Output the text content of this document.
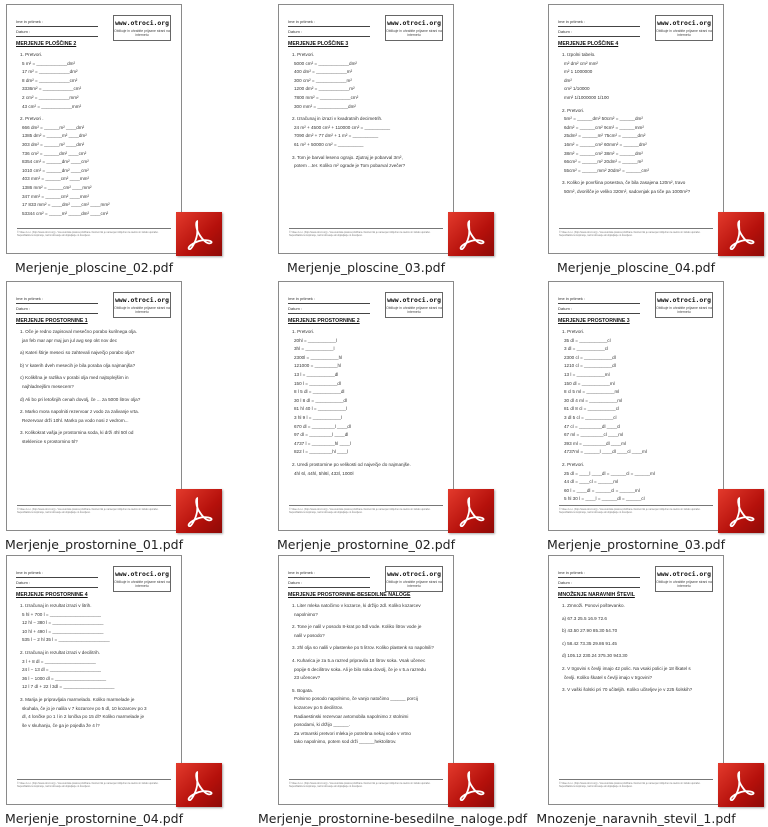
Ime in priimek :
Datum :
www.otroci.org
Oblikuje in uhrabite prijazne strani na internetu
MERJENJE PLOŠČINE 2
1. Pretvori.
5 m² = ____________dm²
17 m² = ____________dm²
8 dm² = ____________cm²
3336m² = ____________cm²
2 cm² = ____________mm²
43 cm² = ____________mm²
2. Pretvori .
666 dm² = ______m² ____dm²
1385 dm² = ______m² ____dm²
303 dm² = ______m² ____dm²
736 cm² = ______dm² ____cm²
8354 cm² = ______dm² ____cm²
1010 cm² = ______dm² ____cm²
403 mm² = ______cm² ____mm²
1386 mm² = ______cm² ____mm²
347 mm² = ______cm² ____mm²
17 833 mm² = ____dm² ____cm² ____mm²
53344 cm² = _____m² _____dm² ____cm²
© Vitae d.o.o. (http://www.otroci.org) - Vsa avtorska pravica pridržana. Delovni list je namenjen izključno za osebno in šolsko uporabo. Nepooblaščeno kopiranje, razmnoževanje ali objavljanje ni dovoljeno.
Merjenje_ploscine_02.pdf
Ime in priimek :
Datum :
www.otroci.org
Oblikuje in uhrabite prijazne strani na internetu
MERJENJE PLOŠČINE 3
1. Pretvori.
5000 cm² = ____________dm²
400 dm² = ____________m²
300 cm² = ____________m²
1200 dm² = ____________m²
7800 mm² = ____________cm²
300 mm² = ____________dm²
2. Izračunaj in izrazi v kvadratnih decimetrih.
24 m² + 4500 cm² + 110000 cm² = __________
7090 dm² + 77 dm² + 1 m² = __________
61 m² + 50000 cm² = __________
3. Tom je barval leseno ograjo. Zjutraj je pobarval 3m²,
potem ...ter. Koliko m² ograde je Tom pobarval zvečer?
© Vitae d.o.o. (http://www.otroci.org) - Vsa avtorska pravica pridržana. Delovni list je namenjen izključno za osebno in šolsko uporabo. Nepooblaščeno kopiranje, razmnoževanje ali objavljanje ni dovoljeno.
Merjenje_ploscine_03.pdf
Ime in priimek :
Datum :
www.otroci.org
Oblikuje in uhrabite prijazne strani na internetu
MERJENJE PLOŠČINE 4
1. Izpolni tabelo.
m² dm² cm² mm²
m² 1 1000000
dm²
cm² 1/10000
mm² 1/1000000 1/100
2. Pretvori.
5m² = ______dm² 50cm² = ______dm²
6dm² = ______cm² 9cm² = ______mm²
25dm² = ______m² 75cm² = ______dm²
16m² = ______cm² 60mm² = ______dm²
38m² = ______cm² 38m² = ______dm²
66cm² = ______m² 20dm² = ______m²
55cm² = ______mm² 20dm² = ______cm²
3. Koliko je površina posestva, če bila zasajena 120m², travo
50m², dvorišče je veliko 320m², sadovnjak pa tiče pa 1000m²?
© Vitae d.o.o. (http://www.otroci.org) - Vsa avtorska pravica pridržana. Delovni list je namenjen izključno za osebno in šolsko uporabo. Nepooblaščeno kopiranje, razmnoževanje ali objavljanje ni dovoljeno.
Merjenje_ploscine_04.pdf
Ime in priimek :
Datum :
www.otroci.org
Oblikuje in uhrabite prijazne strani na internetu
MERJENJE PROSTORNINE 1
1. Oče je redno zapisoval mesečno porabo kurilnega olja.
jan feb mar apr maj jun jul avg sep okt nov dec
a) Kateri štirje meseci so zahtevali največjo porabo olja?
b) V katerih dveh mesecih je bila poraba olja najmanjša?
c) Kolikšna je razlika v porabi olja med najtoplejšim in
najhladnejšim mesecem?
d) Ali bo pri letošnjih cenah dovolj, če ... za 5000 litrov olja?
2. Marko mora napolniti rezervoar z vodo za zalivanje vrta.
Rezervoar drži 10hl. Marko pa vodo nosi z vedrom...
3. Kolikokrat vašja je prostornina soda, ki drži 4hl 50l od
steklenice s prostornino 5l?
© Vitae d.o.o. (http://www.otroci.org) - Vsa avtorska pravica pridržana. Delovni list je namenjen izključno za osebno in šolsko uporabo. Nepooblaščeno kopiranje, razmnoževanje ali objavljanje ni dovoljeno.
Merjenje_prostornine_01.pdf
Ime in priimek :
Datum :
www.otroci.org
Oblikuje in uhrabite prijazne strani na internetu
MERJENJE PROSTORNINE 2
1. Pretvori.
20hl = ___________l
3hl = ___________l
2300l = ___________hl
121000 = _________hl
13 l = ___________dl
150 l = ___________dl
8 l 5 dl = ___________dl
30 l 8 dl = ___________dl
81 hl 40 l = ___________l
3 hl 9 l = ___________l
670 dl = _________l ____dl
97 dl = _________l ____dl
4737 l = _________hl ____l
822 l = _________hl ____l
2. Uredi prostornine po velikosti od največje do najmanjše.
4hl 6l, 44hl, 5hl6l, 433l, 1000l
© Vitae d.o.o. (http://www.otroci.org) - Vsa avtorska pravica pridržana. Delovni list je namenjen izključno za osebno in šolsko uporabo. Nepooblaščeno kopiranje, razmnoževanje ali objavljanje ni dovoljeno.
Merjenje_prostornine_02.pdf
Ime in priimek :
Datum :
www.otroci.org
Oblikuje in uhrabite prijazne strani na internetu
MERJENJE PROSTORNINE 3
1. Pretvori.
35 dl = ___________cl
3 dl = ___________cl
2300 cl = ___________dl
1210 cl = ___________dl
13 l = ___________ml
150 dl = ___________ml
8 cl 5 ml = ___________ml
30 dl 4 ml = ___________ml
81 dl 8 cl = ___________cl
3 dl 5 cl = ___________cl
47 cl = _________dl ____cl
67 ml = _________cl ____ml
393 ml = _________dl ____ml
4737ml = ______l ____dl ____cl ____ml
2. Pretvori.
25 dl = ____l ____dl = ______cl = ______ml
44 dl = ____cl = ______ml
60 l = ____dl = ______cl = ______ml
5 hl 30 l = ____l = ______dl = ______cl
© Vitae d.o.o. (http://www.otroci.org) - Vsa avtorska pravica pridržana. Delovni list je namenjen izključno za osebno in šolsko uporabo. Nepooblaščeno kopiranje, razmnoževanje ali objavljanje ni dovoljeno.
Merjenje_prostornine_03.pdf
Ime in priimek :
Datum :
www.otroci.org
Oblikuje in uhrabite prijazne strani na internetu
MERJENJE PROSTORNINE 4
1. Izračunaj in rezultat izrazi v litrih.
5 hl + 700 l = ____________________
12 hl − 380 l = ____________________
10 hl + 490 l = ____________________
535 l − 2 hl 35 l = ____________________
2. Izračunaj in rezultat izrazi v decilitrih.
3 l + 8 dl = ____________________
24 l − 13 dl = ____________________
36 l − 1000 dl = ____________________
12 l 7 dl + 22 l 3dl = ____________________
3. Marija je pripravljala marmelado. Koliko marmelade je
skuhala, če jo je nalila v 7 kozarcev po 5 dl, 10 kozarcev po 3
dl, 4 lončke po 1 l in 2 lončka po 15 dl? Koliko marmelade je
še v skuhanju, če ga je pojedla že 4 l?
© Vitae d.o.o. (http://www.otroci.org) - Vsa avtorska pravica pridržana. Delovni list je namenjen izključno za osebno in šolsko uporabo. Nepooblaščeno kopiranje, razmnoževanje ali objavljanje ni dovoljeno.
Merjenje_prostornine_04.pdf
Ime in priimek :
Datum :
www.otroci.org
Oblikuje in uhrabite prijazne strani na internetu
MERJENJE PROSTORNINE-BESEDILNE NALOGE
1. Liter mleka natočimo v kozarce, ki držijo 2dl. Koliko kozarcev
napolnimo?
2. Tone je nalil v posodo 8-krat po 5dl vode. Koliko litrov vode je
nalil v posodo?
3. 2hl olja so nalili v plastenke po 5 litrov. Koliko plastenk so napolnili?
4. Kuharica je za 5.a razred pripravila 18 litrov soka. Vsak učenec
popije 6 decilitrov soka. Ali je bilo soka dovolj, če je v 5.a razredu
23 učencev?
5. Bogata.
Polnimo posodo napolnimo, če vanjo natočimo ______ porcij
kozarcev po 5 decilitrov.
Radiaestinski rezervoar avtomobila napolnimo z stolnimi
posodami, ki držijo ______.
Za vrtnarski pretvori mleka je potrebna nekaj vode v vrtno
tako napolnimo, potem sod drži ______hektolitrov.
© Vitae d.o.o. (http://www.otroci.org) - Vsa avtorska pravica pridržana. Delovni list je namenjen izključno za osebno in šolsko uporabo. Nepooblaščeno kopiranje, razmnoževanje ali objavljanje ni dovoljeno.
Merjenje_prostornine-besedilne_naloge.pdf
Ime in priimek :
Datum :
www.otroci.org
Oblikuje in uhrabite prijazne strani na internetu
MNOŽENJE NARAVNIH ŠTEVIL
1. Zmnoži. Ponovi poštevanko.
a) 67.3 25.5 16.9 72.6
b) 43.50 27.90 85.30 54.70
c) 58.42 73.35 29.86 91.45
d) 105.12 230.24 375.30 943.30
2. V trgovini s čevlji imajo 42 polic. Na vsaki polici je 18 škatel s
čevlji. Koliko škatel s čevlji imajo v trgovini?
3. V vaški šolski pri 70 učiteljih. Koliko učiteljev je v 225 šolskih?
© Vitae d.o.o. (http://www.otroci.org) - Vsa avtorska pravica pridržana. Delovni list je namenjen izključno za osebno in šolsko uporabo. Nepooblaščeno kopiranje, razmnoževanje ali objavljanje ni dovoljeno.
Mnozenje_naravnih_stevil_1.pdf
